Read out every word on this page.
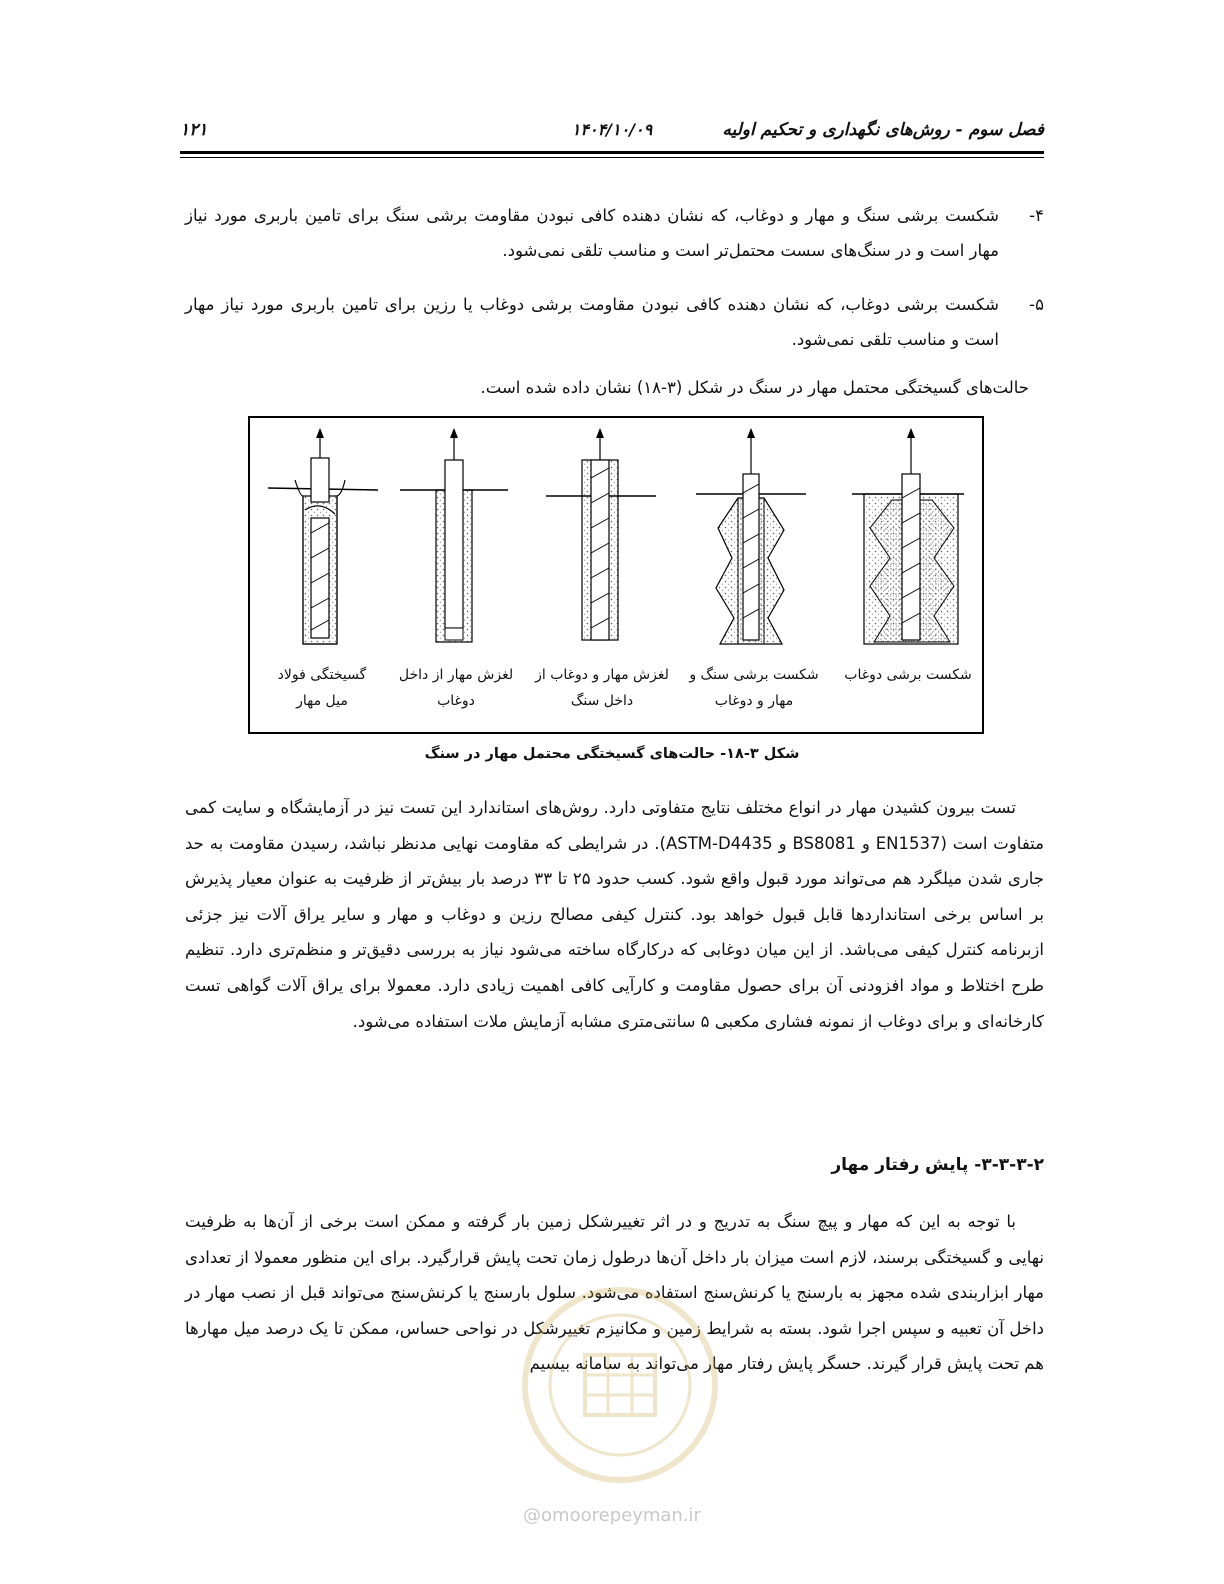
فصل سوم - روش‌های نگهداری و تحکیم اولیه
۱۴۰۴/۱۰/۰۹
۱۲۱
۴-
شکست برشی سنگ و مهار و دوغاب، که نشان دهنده کافی نبودن مقاومت برشی سنگ برای تامین باربری مورد نیاز مهار است و در سنگ‌های سست محتمل‌تر است و مناسب تلقی نمی‌شود.
۵-
شکست برشی دوغاب، که نشان دهنده کافی نبودن مقاومت برشی دوغاب یا رزین برای تامین باربری مورد نیاز مهار است و مناسب تلقی نمی‌شود.
حالت‌های گسیختگی محتمل مهار در سنگ در شکل (۳-۱۸) نشان داده شده است.
گسیختگی فولاد
میل مهار
لغزش مهار از داخل
دوغاب
لغزش مهار و دوغاب از
داخل سنگ
شکست برشی سنگ و
مهار و دوغاب
شکست برشی دوغاب
شکل ۳-۱۸- حالت‌های گسیختگی محتمل مهار در سنگ
تست بیرون کشیدن مهار در انواع مختلف نتایج متفاوتی دارد. روش‌های استاندارد این تست نیز در آزمایشگاه و سایت کمی متفاوت است (EN1537 و BS8081 و ASTM-D4435). در شرایطی که مقاومت نهایی مدنظر نباشد، رسیدن مقاومت به حد جاری شدن میلگرد هم می‌تواند مورد قبول واقع شود. کسب حدود ۲۵ تا ۳۳ درصد بار بیش‌تر از ظرفیت به عنوان معیار پذیرش بر اساس برخی استانداردها قابل قبول خواهد بود. کنترل کیفی مصالح رزین و دوغاب و مهار و سایر یراق آلات نیز جزئی ازبرنامه کنترل کیفی می‌باشد. از این میان دوغابی که درکارگاه ساخته می‌شود نیاز به بررسی دقیق‌تر و منظم‌تری دارد. تنظیم طرح اختلاط و مواد افزودنی آن برای حصول مقاومت و کارآیی کافی اهمیت زیادی دارد. معمولا برای یراق آلات گواهی تست کارخانه‌ای و برای دوغاب از نمونه فشاری مکعبی ۵ سانتی‌متری مشابه آزمایش ملات استفاده می‌شود.
۳-۳-۳-۲- پایش رفتار مهار
با توجه به این که مهار و پیچ سنگ به تدریج و در اثر تغییرشکل زمین بار گرفته و ممکن است برخی از آن‌ها به ظرفیت نهایی و گسیختگی برسند، لازم است میزان بار داخل آن‌ها درطول زمان تحت پایش قرارگیرد. برای این منظور معمولا از تعدادی مهار ابزاربندی شده مجهز به بارسنج یا کرنش‌سنج استفاده می‌شود. سلول بارسنج یا کرنش‌سنج می‌تواند قبل از نصب مهار در داخل آن تعبیه و سپس اجرا شود. بسته به شرایط زمین و مکانیزم تغییرشکل در نواحی حساس، ممکن تا یک درصد میل مهارها هم تحت پایش قرار گیرند. حسگر پایش رفتار مهار می‌تواند به سامانه بیسیم
@omoorepeyman.ir
